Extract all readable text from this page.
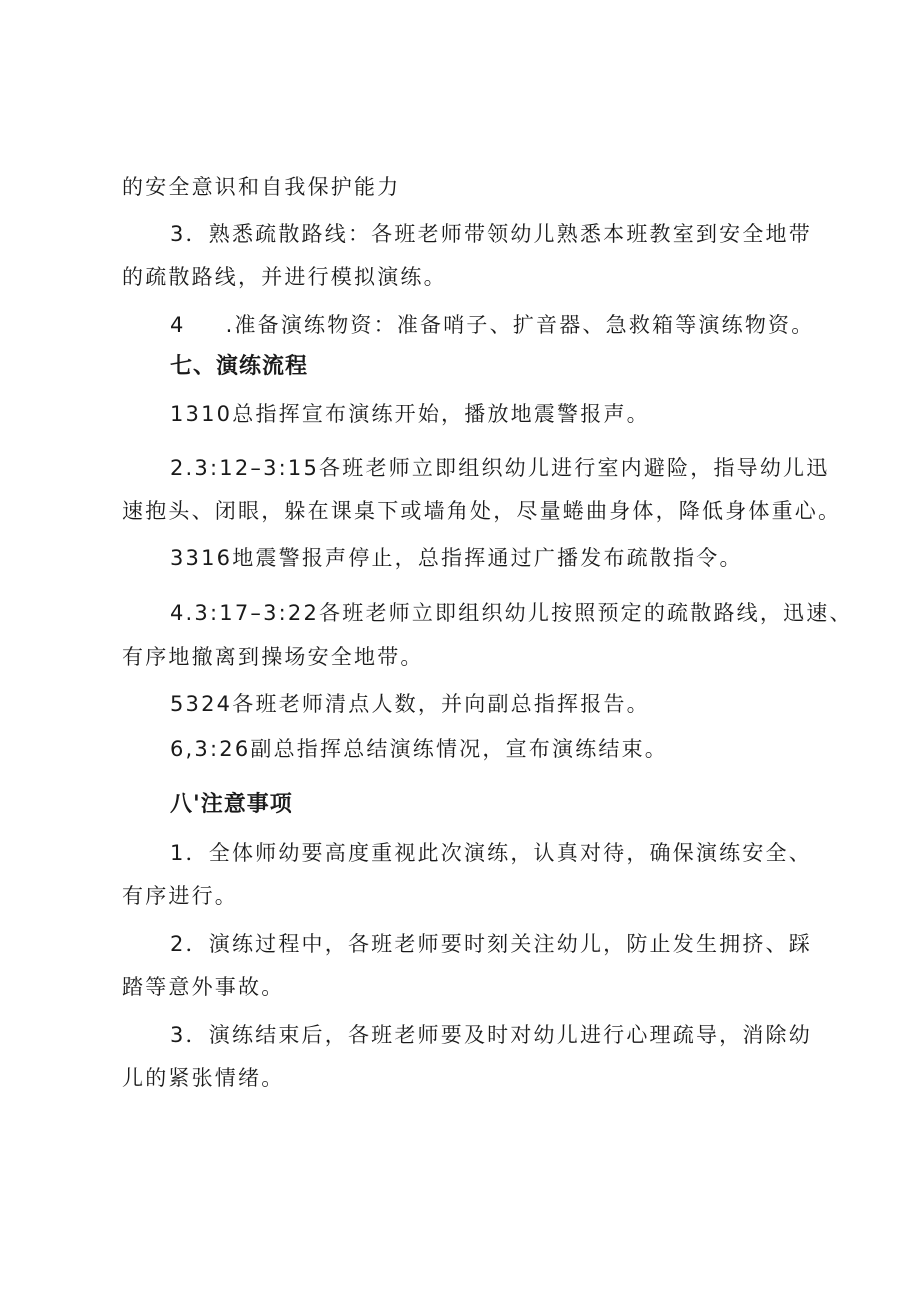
的安全意识和自我保护能力
3．熟悉疏散路线：各班老师带领幼儿熟悉本班教室到安全地带
的疏散路线，并进行模拟演练。
4 .准备演练物资：准备哨子、扩音器、急救箱等演练物资。
七、演练流程
1310总指挥宣布演练开始，播放地震警报声。
2.3:12–3:15各班老师立即组织幼儿进行室内避险，指导幼儿迅
速抱头、闭眼，躲在课桌下或墙角处，尽量蜷曲身体，降低身体重心。
3316地震警报声停止，总指挥通过广播发布疏散指令。
4.3:17–3:22各班老师立即组织幼儿按照预定的疏散路线，迅速、
有序地撤离到操场安全地带。
5324各班老师清点人数，并向副总指挥报告。
6,3:26副总指挥总结演练情况，宣布演练结束。
八'注意事项
1．全体师幼要高度重视此次演练，认真对待，确保演练安全、
有序进行。
2．演练过程中，各班老师要时刻关注幼儿，防止发生拥挤、踩
踏等意外事故。
3．演练结束后，各班老师要及时对幼儿进行心理疏导，消除幼
儿的紧张情绪。
